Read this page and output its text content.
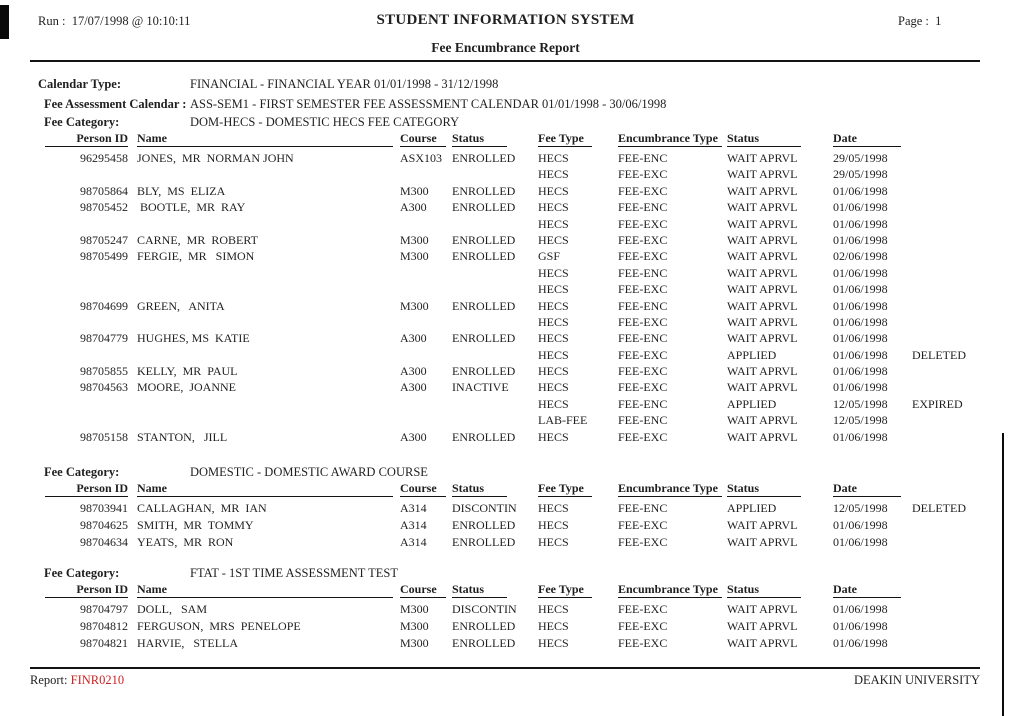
Run : 17/07/1998 @ 10:10:11	STUDENT INFORMATION SYSTEM	Page : 1
Fee Encumbrance Report
Calendar Type:	FINANCIAL - FINANCIAL YEAR 01/01/1998 - 31/12/1998
Fee Assessment Calendar : ASS-SEM1 - FIRST SEMESTER FEE ASSESSMENT CALENDAR 01/01/1998 - 30/06/1998
Fee Category:	DOM-HECS - DOMESTIC HECS FEE CATEGORY
Person ID Name	Course	Status	Fee Type	Encumbrance Type Status	Date
96295458 JONES,  MR  NORMAN JOHN	ASX103 ENROLLED HECS	FEE-ENC	WAIT APRVL	29/05/1998
HECS	FEE-EXC	WAIT APRVL	29/05/1998
98705864 BLY,  MS  ELIZA	M300 ENROLLED HECS	FEE-EXC	WAIT APRVL	01/06/1998
98705452 BOOTLE,  MR  RAY	A300 ENROLLED HECS	FEE-ENC	WAIT APRVL	01/06/1998
HECS	FEE-EXC	WAIT APRVL	01/06/1998
98705247 CARNE,  MR  ROBERT	M300 ENROLLED HECS	FEE-EXC	WAIT APRVL	01/06/1998
98705499 FERGIE,  MR   SIMON	M300 ENROLLED GSF	FEE-EXC	WAIT APRVL	02/06/1998
HECS	FEE-ENC	WAIT APRVL	01/06/1998
HECS	FEE-EXC	WAIT APRVL	01/06/1998
98704699 GREEN,   ANITA	M300 ENROLLED HECS	FEE-ENC	WAIT APRVL	01/06/1998
HECS	FEE-EXC	WAIT APRVL	01/06/1998
98704779 HUGHES, MS  KATIE	A300 ENROLLED HECS	FEE-ENC	WAIT APRVL	01/06/1998
HECS	FEE-EXC	APPLIED	01/06/1998 DELETED
98705855 KELLY,  MR  PAUL	A300 ENROLLED HECS	FEE-EXC	WAIT APRVL	01/06/1998
98704563 MOORE,  JOANNE	A300 INACTIVE HECS	FEE-EXC	WAIT APRVL	01/06/1998
HECS	FEE-ENC	APPLIED	12/05/1998 EXPIRED
LAB-FEE	FEE-ENC	WAIT APRVL	12/05/1998
98705158 STANTON,   JILL	A300 ENROLLED HECS	FEE-EXC	WAIT APRVL	01/06/1998
Fee Category:	DOMESTIC - DOMESTIC AWARD COURSE
Person ID Name	Course	Status	Fee Type	Encumbrance Type Status	Date
98703941 CALLAGHAN,  MR  IAN	A314 DISCONTIN HECS	FEE-ENC	APPLIED	12/05/1998 DELETED
98704625 SMITH,  MR  TOMMY	A314 ENROLLED HECS	FEE-EXC	WAIT APRVL	01/06/1998
98704634 YEATS,  MR  RON	A314 ENROLLED HECS	FEE-EXC	WAIT APRVL	01/06/1998
Fee Category:	FTAT - 1ST TIME ASSESSMENT TEST
Person ID Name	Course	Status	Fee Type	Encumbrance Type Status	Date
98704797 DOLL,   SAM	M300 DISCONTIN HECS	FEE-EXC	WAIT APRVL	01/06/1998
98704812 FERGUSON,  MRS  PENELOPE	M300 ENROLLED HECS	FEE-EXC	WAIT APRVL	01/06/1998
98704821 HARVIE,   STELLA	M300 ENROLLED HECS	FEE-EXC	WAIT APRVL	01/06/1998
Report: FINR0210	DEAKIN UNIVERSITY
